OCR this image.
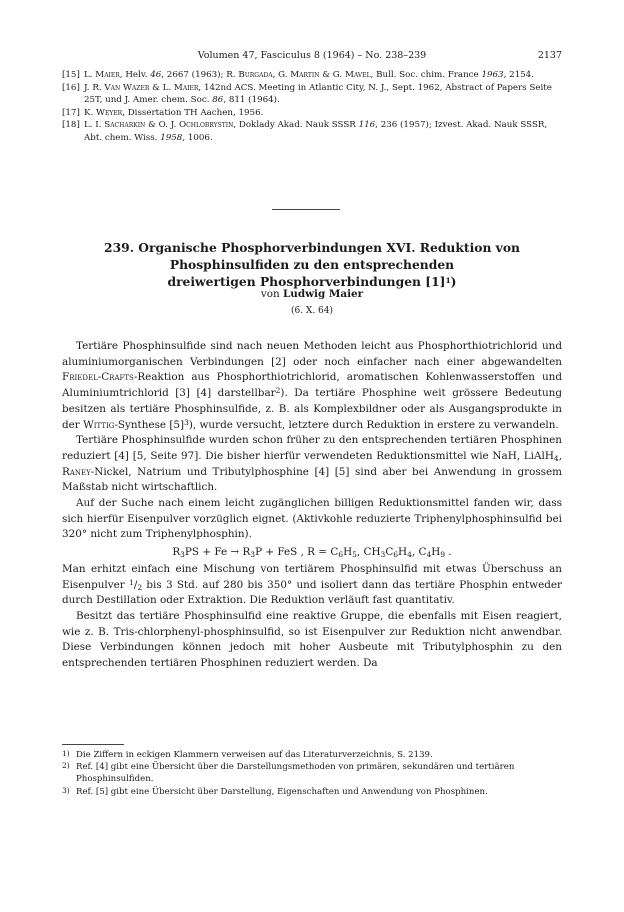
Volumen 47, Fasciculus 8 (1964) – No. 238–239	2137
[15] L. Maier, Helv. 46, 2667 (1963); R. Burgada, G. Martin & G. Mavel, Bull. Soc. chim. France 1963, 2154.
[16] J. R. Van Wazer & L. Maier, 142nd ACS. Meeting in Atlantic City, N. J., Sept. 1962, Abstract of Papers Seite 25T, und J. Amer. chem. Soc. 86, 811 (1964).
[17] K. Weyer, Dissertation TH Aachen, 1956.
[18] L. I. Sacharkin & O. J. Ochlobrystin, Doklady Akad. Nauk SSSR 116, 236 (1957); Izvest. Akad. Nauk SSSR, Abt. chem. Wiss. 1958, 1006.
239. Organische Phosphorverbindungen XVI. Reduktion von
Phosphinsulfiden zu den entsprechenden
dreiwertigen Phosphorverbindungen $[1]^1$)
von Ludwig Maier
(6. X. 64)

Tertiäre Phosphinsulfide sind nach neuen Methoden leicht aus Phosphorthiotrichlorid und aluminiumorganischen Verbindungen [2] oder noch einfacher nach einer abgewandelten Friedel-Crafts-Reaktion aus Phosphorthiotrichlorid, aromatischen Kohlenwasserstoffen und Aluminiumtrichlorid [3] [4] darstellbar$^2$). Da tertiäre Phosphine weit grössere Bedeutung besitzen als tertiäre Phosphinsulfide, z. B. als Komplexbildner oder als Ausgangsprodukte in der Wittig-Synthese $[5]^3$), wurde versucht, letztere durch Reduktion in erstere zu verwandeln.

Tertiäre Phosphinsulfide wurden schon früher zu den entsprechenden tertiären Phosphinen reduziert [4] [5, Seite 97]. Die bisher hierfür verwendeten Reduktionsmittel wie NaH, LiAlH$_4$, Raney-Nickel, Natrium und Tributylphosphine [4] [5] sind aber bei Anwendung in grossem Maßstab nicht wirtschaftlich.

Auf der Suche nach einem leicht zugänglichen billigen Reduktionsmittel fanden wir, dass sich hierfür Eisenpulver vorzüglich eignet. (Aktivkohle reduzierte Triphenylphosphinsulfid bei 320° nicht zum Triphenylphosphin).

$R_3PS + Fe \to R_3P$ + FeS , $R = C_6H_5$, $CH_3C_6H_4$, $C_4H_9$ .

Man erhitzt einfach eine Mischung von tertiärem Phosphinsulfid mit etwas Überschuss an Eisenpulver $^1/_2$ bis 3 Std. auf 280 bis 350° und isoliert dann das tertiäre Phosphin entweder durch Destillation oder Extraktion. Die Reduktion verläuft fast quantitativ.

Besitzt das tertiäre Phosphinsulfid eine reaktive Gruppe, die ebenfalls mit Eisen reagiert, wie z. B. Tris-chlorphenyl-phosphinsulfid, so ist Eisenpulver zur Reduktion nicht anwendbar. Diese Verbindungen können jedoch mit hoher Ausbeute mit Tributylphosphin zu den entsprechenden tertiären Phosphinen reduziert werden. Da

1) Die Ziffern in eckigen Klammern verweisen auf das Literaturverzeichnis, S. 2139.
2) Ref. [4] gibt eine Übersicht über die Darstellungsmethoden von primären, sekundären und tertiären Phosphinsulfiden.
3) Ref. [5] gibt eine Übersicht über Darstellung, Eigenschaften und Anwendung von Phosphinen.
